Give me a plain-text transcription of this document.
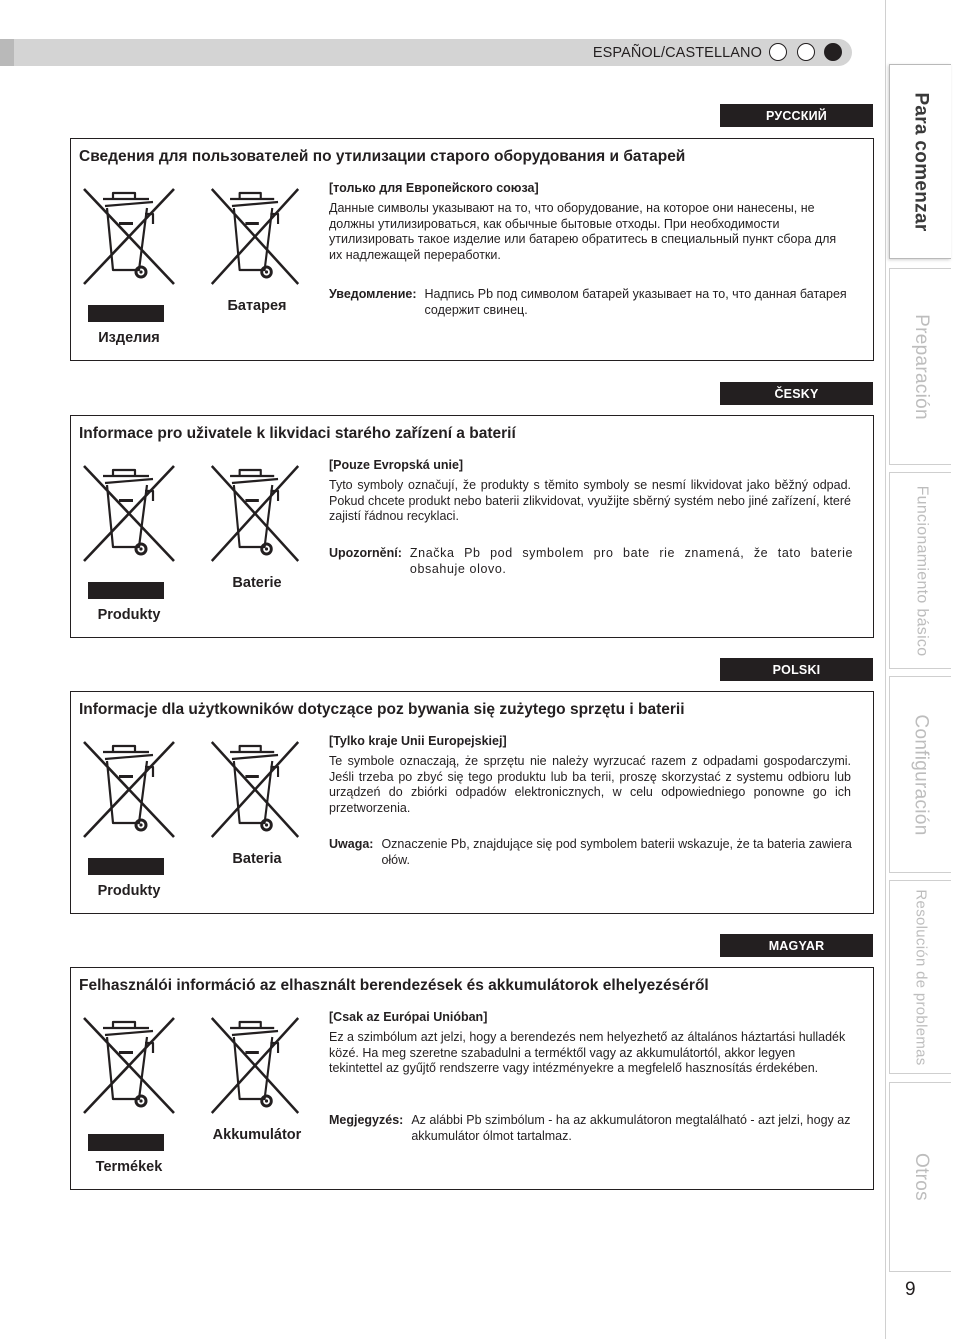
ESPAÑOL/CASTELLANO
Para comenzar
Preparación
Funcionamiento básico
Configuración
Resolución de problemas
Otros
9
РУССКИЙ
Сведения для пользователей по утилизации старого оборудования и батарей
Батарея
Изделия
[только для Европейского союза]
Данные символы указывают на то, что оборудование, на которое они нанесены, не должны утилизироваться, как обычные бытовые отходы. При необходимости утилизировать такое изделие или батарею обратитесь в специальный пункт сбора для их надлежащей переработки.
Уведомление: Надпись Pb под символом батарей указывает на то, что данная батарея содержит свинец.
ČESKY
Informace pro uživatele k likvidaci starého zařízení a baterií
Baterie
Produkty
[Pouze Evropská unie]
Tyto symboly označují, že produkty s těmito symboly se nesmí likvidovat jako běžný odpad. Pokud chcete produkt nebo baterii zlikvidovat, využijte sběrný systém nebo jiné zařízení, které zajistí řádnou recyklaci.
Upozornění: Značka Pb pod symbolem pro bate rie znamená, že tato baterie obsahuje olovo.
POLSKI
Informacje dla użytkowników dotyczące poz bywania się zużytego sprzętu i baterii
Bateria
Produkty
[Tylko kraje Unii Europejskiej]
Te symbole oznaczają, że sprzętu nie należy wyrzucać razem z odpadami gospodarczymi. Jeśli trzeba po zbyć się tego produktu lub ba terii, proszę skorzystać z systemu odbioru lub urządzeń do zbiórki odpadów elektronicznych, w celu odpowiedniego ponowne go ich przetworzenia.
Uwaga: Oznaczenie Pb, znajdujące się pod symbolem baterii wskazuje, że ta bateria zawiera ołów.
MAGYAR
Felhasználói információ az elhasznált berendezések és akkumulátorok elhelyezéséről
Akkumulátor
Termékek
[Csak az Európai Unióban]
Ez a szimbólum azt jelzi, hogy a berendezés nem helyezhető az általános háztartási hulladék közé. Ha meg szeretne szabadulni a terméktől vagy az akkumulátortól, akkor legyen tekintettel az gyűjtő rendszerre vagy intézményekre a megfelelő hasznosítás érdekében.
Megjegyzés: Az alábbi Pb szimbólum - ha az akkumulátoron megtalálható - azt jelzi, hogy az akkumulátor ólmot tartalmaz.
